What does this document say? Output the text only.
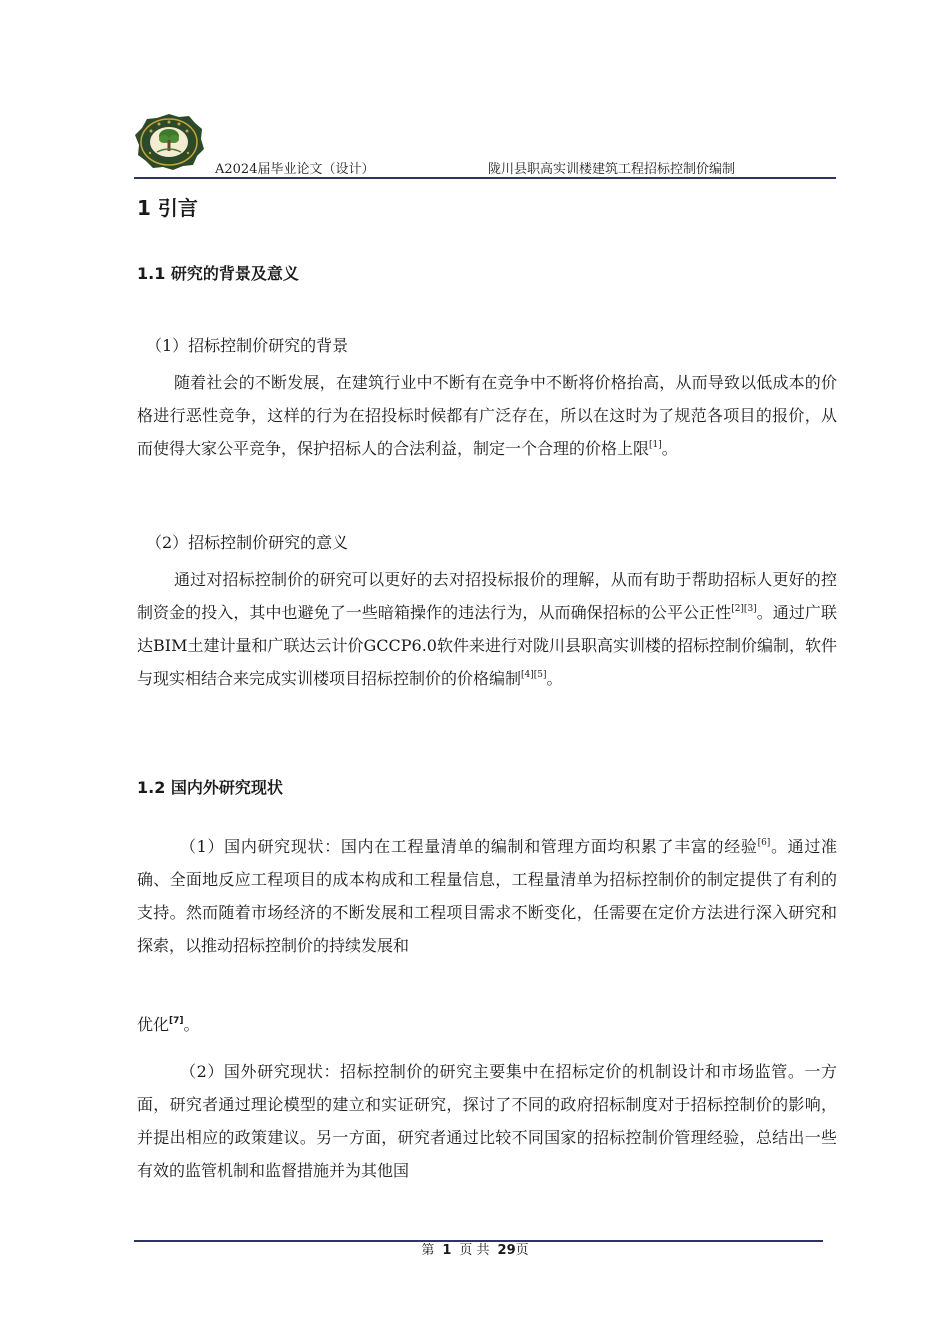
A2024届毕业论文（设计）	陇川县职高实训楼建筑工程招标控制价编制
1 引言
1.1 研究的背景及意义
（1）招标控制价研究的背景
随着社会的不断发展，在建筑行业中不断有在竞争中不断将价格抬高，从而导致以低成本的价格进行恶性竞争，这样的行为在招投标时候都有广泛存在，所以在这时为了规范各项目的报价，从而使得大家公平竞争，保护招标人的合法利益，制定一个合理的价格上限[1]。
（2）招标控制价研究的意义
通过对招标控制价的研究可以更好的去对招投标报价的理解，从而有助于帮助招标人更好的控制资金的投入，其中也避免了一些暗箱操作的违法行为，从而确保招标的公平公正性[2][3]。通过广联达BIM土建计量和广联达云计价GCCP6.0软件来进行对陇川县职高实训楼的招标控制价编制，软件与现实相结合来完成实训楼项目招标控制价的价格编制[4][5]。
1.2 国内外研究现状
（1）国内研究现状：国内在工程量清单的编制和管理方面均积累了丰富的经验[6]。通过准确、全面地反应工程项目的成本构成和工程量信息，工程量清单为招标控制价的制定提供了有利的支持。然而随着市场经济的不断发展和工程项目需求不断变化，任需要在定价方法进行深入研究和探索，以推动招标控制价的持续发展和
优化[7]。
（2）国外研究现状：招标控制价的研究主要集中在招标定价的机制设计和市场监管。一方面，研究者通过理论模型的建立和实证研究，探讨了不同的政府招标制度对于招标控制价的影响，并提出相应的政策建议。另一方面，研究者通过比较不同国家的招标控制价管理经验，总结出一些有效的监管机制和监督措施并为其他国
第 1 页 共 29页
